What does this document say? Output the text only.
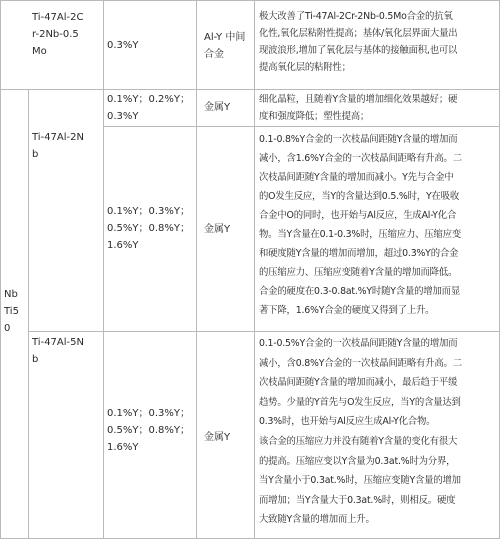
Nb
Ti5
0
Ti-47Al-2C
r-2Nb-0.5
Mo
0.3%Y
Al-Y 中间
合金
极大改善了Ti-47Al-2Cr-2Nb-0.5Mo合金的抗氧
化性,氧化层粘附性提高；基体/氧化层界面大量出
现波浪形,增加了氧化层与基体的接触面积,也可以
提高氧化层的粘附性；
0.1%Y；0.2%Y；
0.3%Y
金属Y
细化晶粒，且随着Y含量的增加细化效果越好；硬
度和强度降低；塑性提高；
Ti-47Al-2N
b
0.1%Y；0.3%Y；
0.5%Y；0.8%Y；
1.6%Y
金属Y
0.1-0.8%Y合金的一次枝晶间距随Y含量的增加而
减小，含1.6%Y合金的一次枝晶间距略有升高。二
次枝晶间距随Y含量的增加而减小。Y先与合金中
的O发生反应，当Y的含量达到0.5.%时，Y在吸收
合金中O的同时，也开始与Al反应，生成Al-Y化合
物。当Y含量在0.1-0.3%时，压缩应力、压缩应变
和硬度随Y含量的增加而增加，超过0.3%Y的合金
的压缩应力、压缩应变随着Y含量的增加而降低。
合金的硬度在0.3-0.8at.%Y时随Y含量的增加而显
著下降，1.6%Y合金的硬度又得到了上升。
Ti-47Al-5N
b
0.1%Y；0.3%Y；
0.5%Y；0.8%Y；
1.6%Y
金属Y
0.1-0.5%Y合金的一次枝晶间距随Y含量的增加而
减小，含0.8%Y合金的一次枝晶间距略有升高。二
次枝晶间距随Y含量的增加而减小，最后趋于平缓
趋势。少量的Y首先与O发生反应，当Y的含量达到
0.3%时，也开始与Al反应生成Al-Y化合物。
该合金的压缩应力并没有随着Y含量的变化有很大
的提高。压缩应变以Y含量为0.3at.%时为分界，
当Y含量小于0.3at.%时，压缩应变随Y含量的增加
而增加；当Y含量大于0.3at.%时，则相反。硬度
大致随Y含量的增加而上升。
